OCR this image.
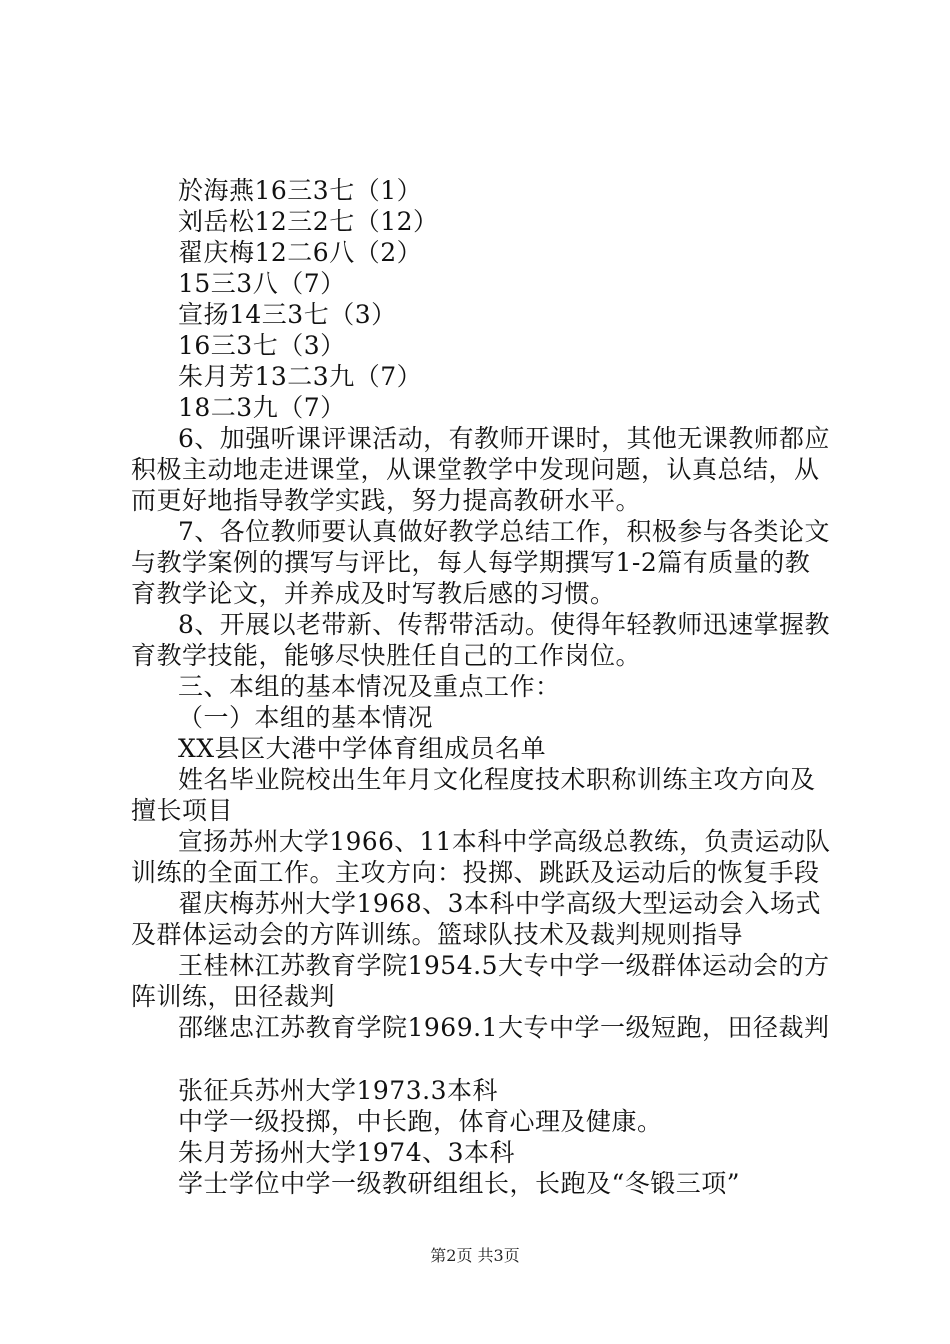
於海燕16三3七（1）
刘岳松12三2七（12）
翟庆梅12二6八（2）
15三3八（7）
宣扬14三3七（3）
16三3七（3）
朱月芳13二3九（7）
18二3九（7）
6、加强听课评课活动，有教师开课时，其他无课教师都应
积极主动地走进课堂，从课堂教学中发现问题，认真总结，从
而更好地指导教学实践，努力提高教研水平。
7、各位教师要认真做好教学总结工作，积极参与各类论文
与教学案例的撰写与评比，每人每学期撰写1-2篇有质量的教
育教学论文，并养成及时写教后感的习惯。
8、开展以老带新、传帮带活动。使得年轻教师迅速掌握教
育教学技能，能够尽快胜任自己的工作岗位。
三、本组的基本情况及重点工作：
（一）本组的基本情况
XX县区大港中学体育组成员名单
姓名毕业院校出生年月文化程度技术职称训练主攻方向及
擅长项目
宣扬苏州大学1966、11本科中学高级总教练，负责运动队
训练的全面工作。主攻方向：投掷、跳跃及运动后的恢复手段
翟庆梅苏州大学1968、3本科中学高级大型运动会入场式
及群体运动会的方阵训练。篮球队技术及裁判规则指导
王桂林江苏教育学院1954.5大专中学一级群体运动会的方
阵训练，田径裁判
邵继忠江苏教育学院1969.1大专中学一级短跑，田径裁判
张征兵苏州大学1973.3本科
中学一级投掷，中长跑，体育心理及健康。
朱月芳扬州大学1974、3本科
学士学位中学一级教研组组长，长跑及“冬锻三项”
第2页 共3页
